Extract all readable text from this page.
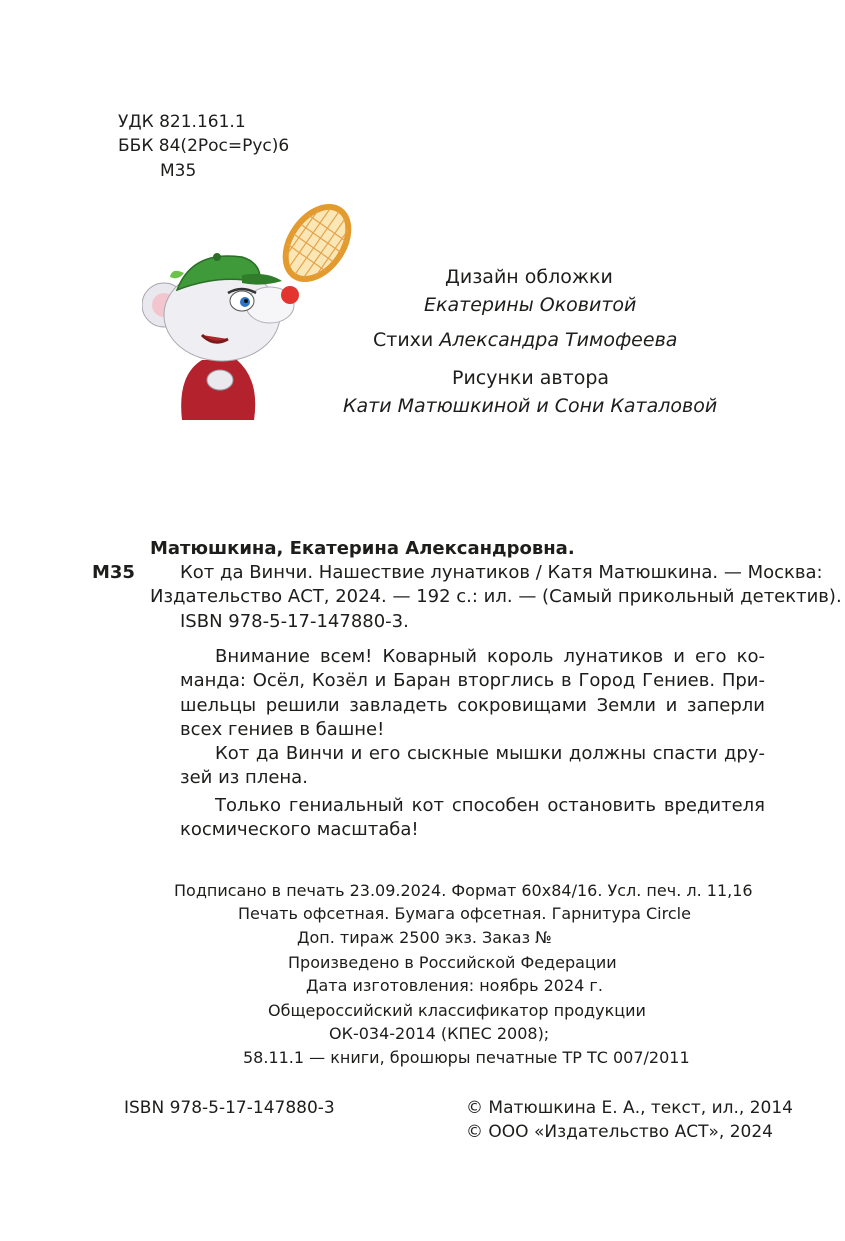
УДК 821.161.1

ББК 84(2Рос=Рус)6

М35

Дизайн обложки

Екатерины Оковитой

Стихи Александра Тимофеева

Рисунки автора

Кати Матюшкиной и Сони Каталовой

Матюшкина, Екатерина Александровна.

М35	Кот да Винчи. Нашествие лунатиков / Катя Матюшкина. — Москва:

Издательство АСТ, 2024. — 192 с.: ил. — (Самый прикольный детектив).

ISBN 978-5-17-147880-3.

Внимание всем! Коварный король лунатиков и его ко-

манда: Осёл, Козёл и Баран вторглись в Город Гениев. При-

шельцы решили завладеть сокровищами Земли и заперли

всех гениев в башне!

Кот да Винчи и его сыскные мышки должны спасти дру-

зей из плена.

Только гениальный кот способен остановить вредителя

космического масштаба!

Подписано в печать 23.09.2024. Формат 60x84/16. Усл. печ. л. 11,16

Печать офсетная. Бумага офсетная. Гарнитура Circle

Доп. тираж 2500 экз. Заказ №

Произведено в Российской Федерации

Дата изготовления: ноябрь 2024 г.

Общероссийский классификатор продукции

ОК-034-2014 (КПЕС 2008);

58.11.1 — книги, брошюры печатные ТР ТС 007/2011

ISBN 978-5-17-147880-3	© Матюшкина Е. А., текст, ил., 2014

© ООО «Издательство АСТ», 2024
